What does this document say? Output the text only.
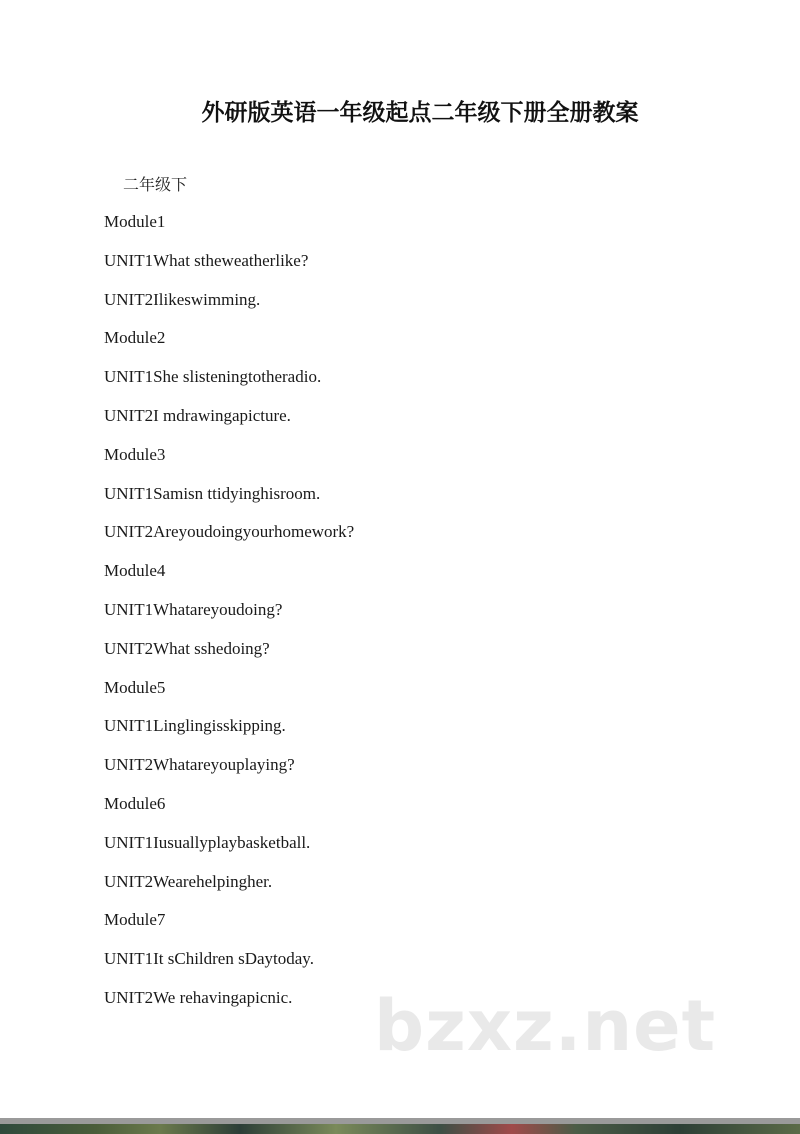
外研版英语一年级起点二年级下册全册教案
二年级下
Module1
UNIT1What stheweatherlike?
UNIT2Ilikeswimming.
Module2
UNIT1She slisteningtotheradio.
UNIT2I mdrawingapicture.
Module3
UNIT1Samisn ttidyinghisroom.
UNIT2Areyoudoingyourhomework?
Module4
UNIT1Whatareyoudoing?
UNIT2What sshedoing?
Module5
UNIT1Linglingisskipping.
UNIT2Whatareyouplaying?
Module6
UNIT1Iusuallyplaybasketball.
UNIT2Wearehelpingher.
Module7
UNIT1It sChildren sDaytoday.
UNIT2We rehavingapicnic.	bzxz.net
